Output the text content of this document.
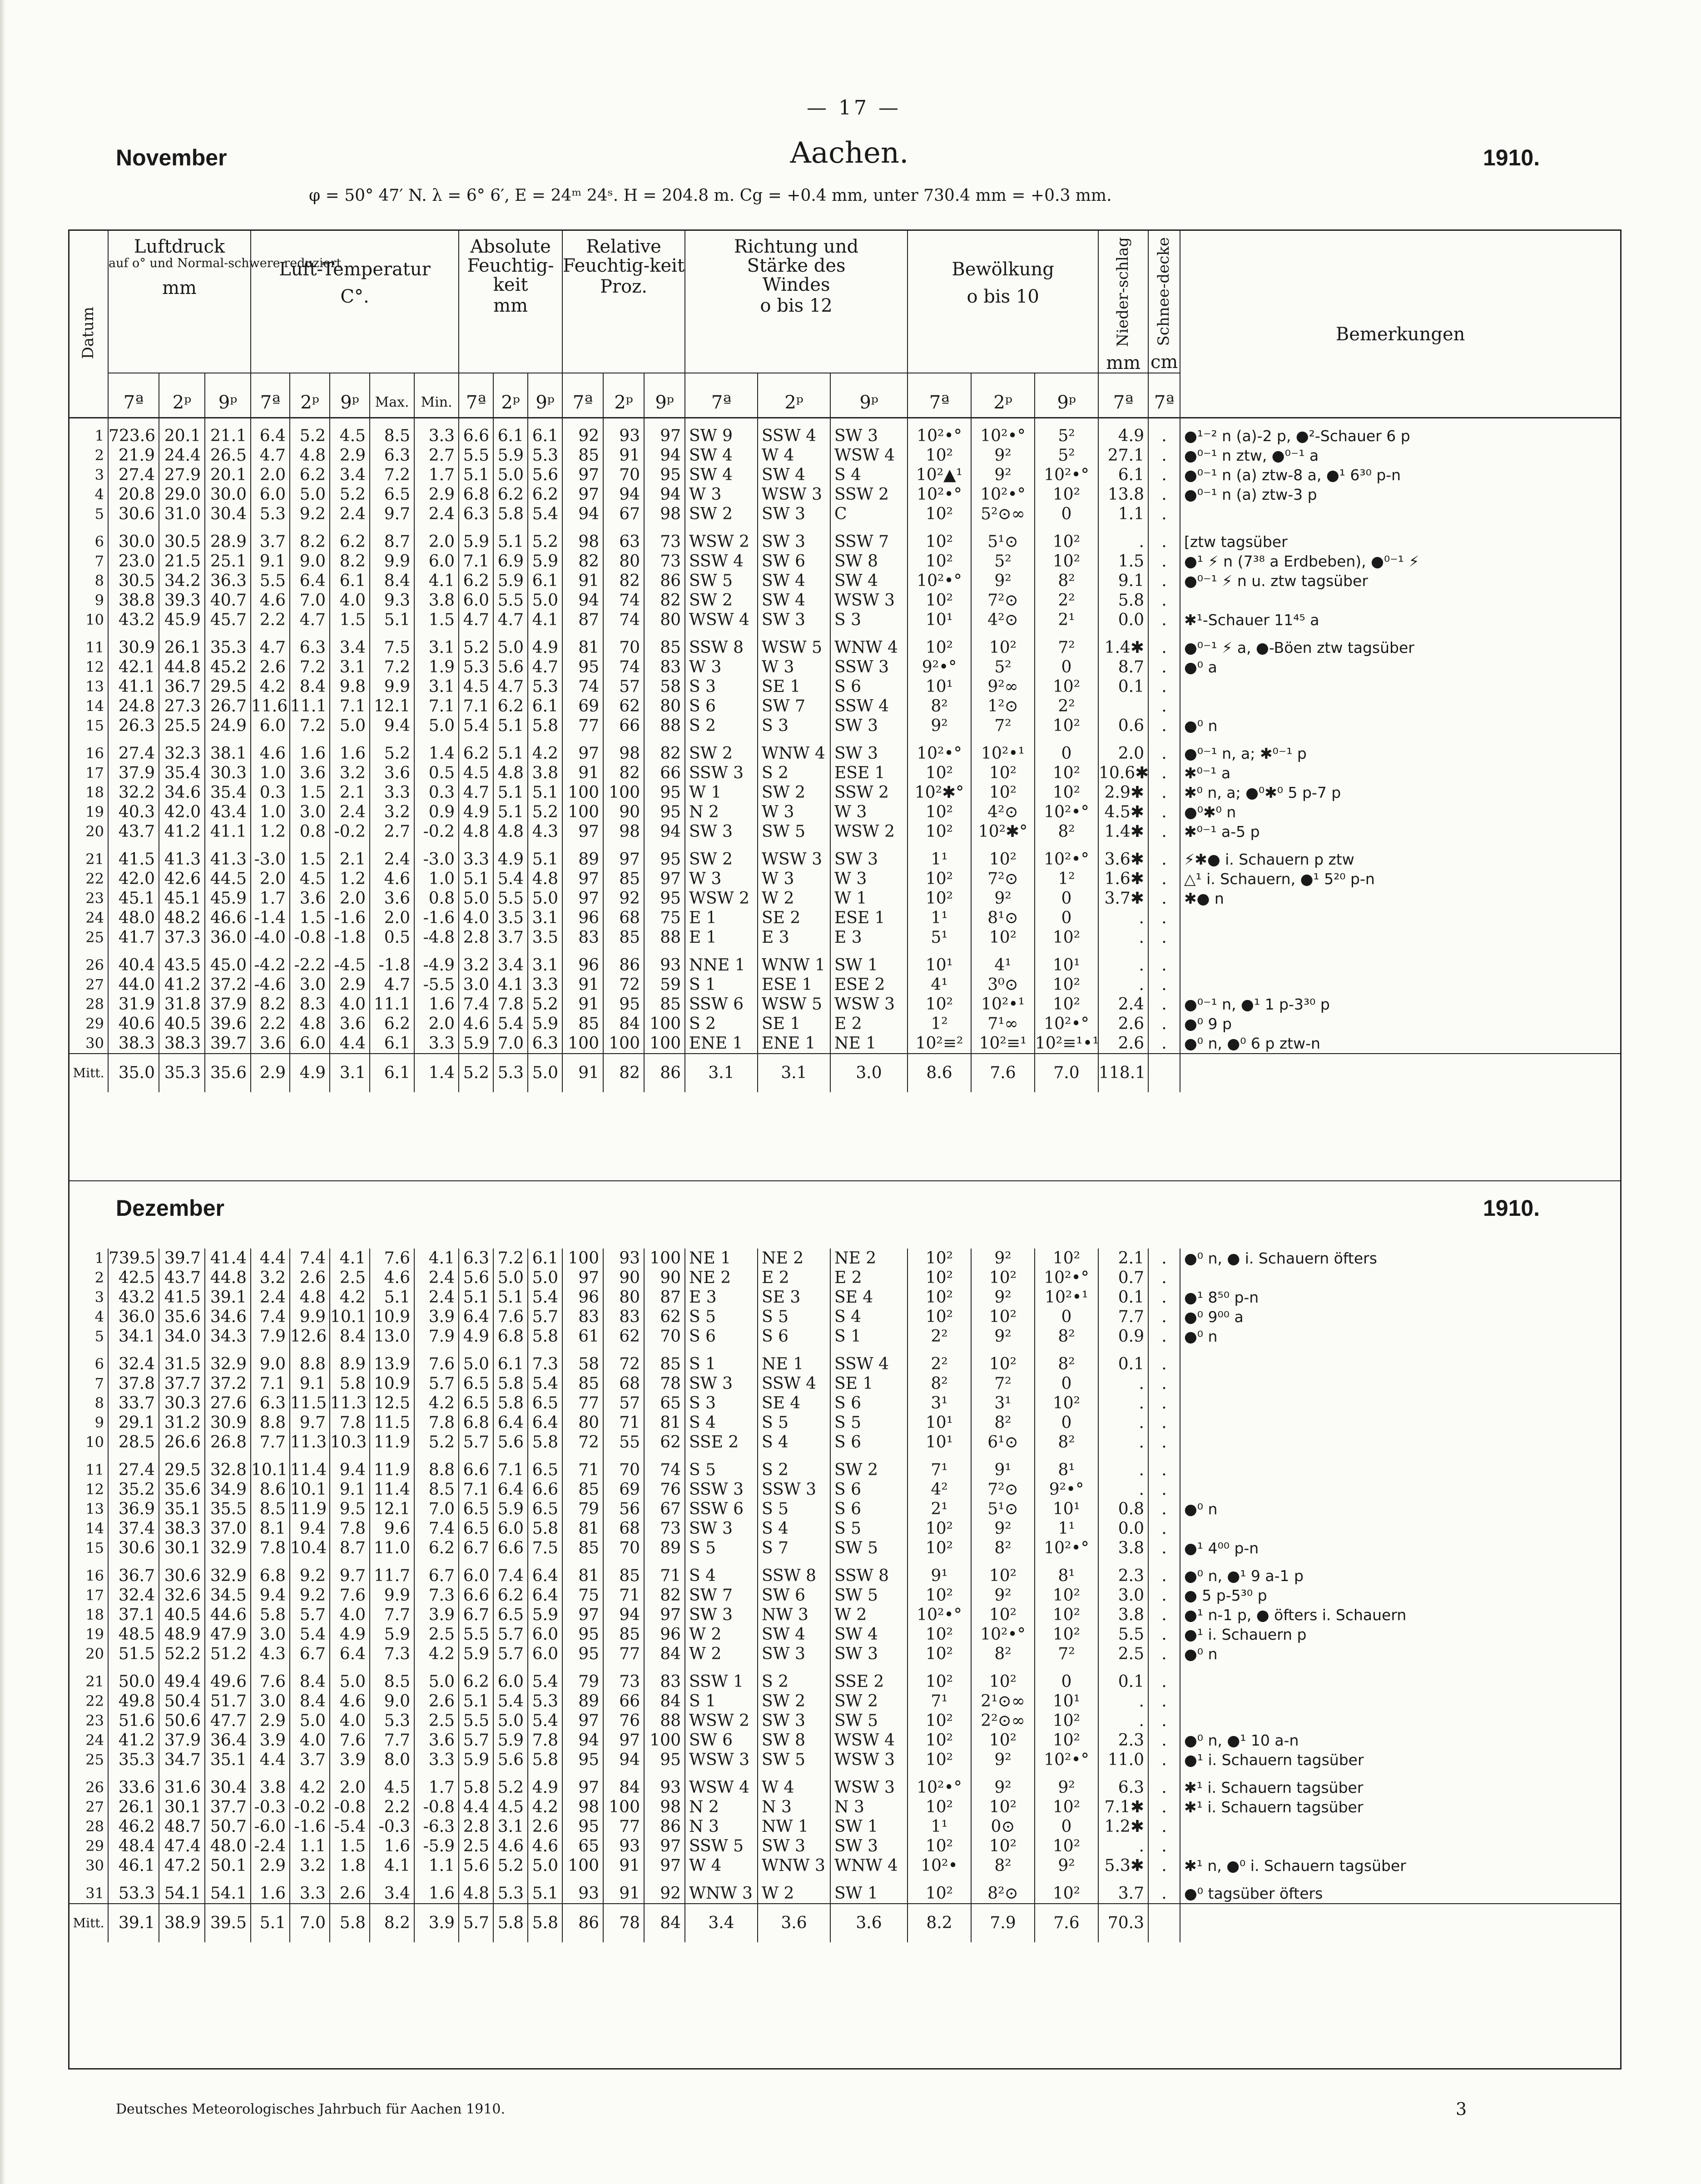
— 17 —
November	Aachen.	1910.
φ = 50° 47′ N. λ = 6° 6′, E = 24ᵐ 24ˢ. H = 204.8 m. Cg = +0.4 mm, unter 730.4 mm = +0.3 mm.
Datum	Luftdruck
auf o° und Normal-schwere reduziert
mm			Luft-Temperatur
C°.					Absolute Feuchtig-keit
mm			Relative Feuchtig-keit
Proz.			Richtung und Stärke des Windes
o bis 12			Bewölkung
o bis 10			Nieder-schlag
mm	Schnee-decke
cm	Bemerkungen
	7ª	2ᵖ	9ᵖ	7ª	2ᵖ	9ᵖ	Max.	Min.	7ª	2ᵖ	9ᵖ	7ª	2ᵖ	9ᵖ	7ª	2ᵖ	9ᵖ	7ª	2ᵖ	9ᵖ	7ª	7ª	
1	723.6	20.1	21.1	6.4	5.2	4.5	8.5	3.3	6.6	6.1	6.1	92	93	97	SW 9	SSW 4	SW 3	10²•°	10²•°	5²	4.9	.	●¹⁻² n (a)-2 p, ●²-Schauer 6 p
2	21.9	24.4	26.5	4.7	4.8	2.9	6.3	2.7	5.5	5.9	5.3	85	91	94	SW 4	W 4	WSW 4	10²	9²	5²	27.1	.	●⁰⁻¹ n ztw, ●⁰⁻¹ a
3	27.4	27.9	20.1	2.0	6.2	3.4	7.2	1.7	5.1	5.0	5.6	97	70	95	SW 4	SW 4	S 4	10²▲¹	9²	10²•°	6.1	.	●⁰⁻¹ n (a) ztw-8 a, ●¹ 6³⁰ p-n
4	20.8	29.0	30.0	6.0	5.0	5.2	6.5	2.9	6.8	6.2	6.2	97	94	94	W 3	WSW 3	SSW 2	10²•°	10²•°	10²	13.8	.	●⁰⁻¹ n (a) ztw-3 p
5	30.6	31.0	30.4	5.3	9.2	2.4	9.7	2.4	6.3	5.8	5.4	94	67	98	SW 2	SW 3	C	10²	5²⊙∞	0	1.1	.	

6	30.0	30.5	28.9	3.7	8.2	6.2	8.7	2.0	5.9	5.1	5.2	98	63	73	WSW 2	SW 3	SSW 7	10²	5¹⊙	10²	.	.	[ztw tagsüber
7	23.0	21.5	25.1	9.1	9.0	8.2	9.9	6.0	7.1	6.9	5.9	82	80	73	SSW 4	SW 6	SW 8	10²	5²	10²	1.5	.	●¹ ⚡ n (7³⁸ a Erdbeben), ●⁰⁻¹ ⚡
8	30.5	34.2	36.3	5.5	6.4	6.1	8.4	4.1	6.2	5.9	6.1	91	82	86	SW 5	SW 4	SW 4	10²•°	9²	8²	9.1	.	●⁰⁻¹ ⚡ n u. ztw tagsüber
9	38.8	39.3	40.7	4.6	7.0	4.0	9.3	3.8	6.0	5.5	5.0	94	74	82	SW 2	SW 4	WSW 3	10²	7²⊙	2²	5.8	.	
10	43.2	45.9	45.7	2.2	4.7	1.5	5.1	1.5	4.7	4.7	4.1	87	74	80	WSW 4	SW 3	S 3	10¹	4²⊙	2¹	0.0	.	✱¹-Schauer 11⁴⁵ a

11	30.9	26.1	35.3	4.7	6.3	3.4	7.5	3.1	5.2	5.0	4.9	81	70	85	SSW 8	WSW 5	WNW 4	10²	10²	7²	1.4✱	.	●⁰⁻¹ ⚡ a, ●-Böen ztw tagsüber
12	42.1	44.8	45.2	2.6	7.2	3.1	7.2	1.9	5.3	5.6	4.7	95	74	83	W 3	W 3	SSW 3	9²•°	5²	0	8.7	.	●⁰ a
13	41.1	36.7	29.5	4.2	8.4	9.8	9.9	3.1	4.5	4.7	5.3	74	57	58	S 3	SE 1	S 6	10¹	9²∞	10²	0.1	.	
14	24.8	27.3	26.7	11.6	11.1	7.1	12.1	7.1	7.1	6.2	6.1	69	62	80	S 6	SW 7	SSW 4	8²	1²⊙	2²		.	
15	26.3	25.5	24.9	6.0	7.2	5.0	9.4	5.0	5.4	5.1	5.8	77	66	88	S 2	S 3	SW 3	9²	7²	10²	0.6	.	●⁰ n

16	27.4	32.3	38.1	4.6	1.6	1.6	5.2	1.4	6.2	5.1	4.2	97	98	82	SW 2	WNW 4	SW 3	10²•°	10²•¹	0	2.0	.	●⁰⁻¹ n, a; ✱⁰⁻¹ p
17	37.9	35.4	30.3	1.0	3.6	3.2	3.6	0.5	4.5	4.8	3.8	91	82	66	SSW 3	S 2	ESE 1	10²	10²	10²	10.6✱	.	✱⁰⁻¹ a
18	32.2	34.6	35.4	0.3	1.5	2.1	3.3	0.3	4.7	5.1	5.1	100	100	95	W 1	SW 2	SSW 2	10²✱°	10²	10²	2.9✱	.	✱⁰ n, a; ●⁰✱⁰ 5 p-7 p
19	40.3	42.0	43.4	1.0	3.0	2.4	3.2	0.9	4.9	5.1	5.2	100	90	95	N 2	W 3	W 3	10²	4²⊙	10²•°	4.5✱	.	●⁰✱⁰ n
20	43.7	41.2	41.1	1.2	0.8	-0.2	2.7	-0.2	4.8	4.8	4.3	97	98	94	SW 3	SW 5	WSW 2	10²	10²✱°	8²	1.4✱	.	✱⁰⁻¹ a-5 p

21	41.5	41.3	41.3	-3.0	1.5	2.1	2.4	-3.0	3.3	4.9	5.1	89	97	95	SW 2	WSW 3	SW 3	1¹	10²	10²•°	3.6✱	.	⚡✱● i. Schauern p ztw
22	42.0	42.6	44.5	2.0	4.5	1.2	4.6	1.0	5.1	5.4	4.8	97	85	97	W 3	W 3	W 3	10²	7²⊙	1²	1.6✱	.	△¹ i. Schauern, ●¹ 5²⁰ p-n
23	45.1	45.1	45.9	1.7	3.6	2.0	3.6	0.8	5.0	5.5	5.0	97	92	95	WSW 2	W 2	W 1	10²	9²	0	3.7✱	.	✱● n
24	48.0	48.2	46.6	-1.4	1.5	-1.6	2.0	-1.6	4.0	3.5	3.1	96	68	75	E 1	SE 2	ESE 1	1¹	8¹⊙	0	.	.	
25	41.7	37.3	36.0	-4.0	-0.8	-1.8	0.5	-4.8	2.8	3.7	3.5	83	85	88	E 1	E 3	E 3	5¹	10²	10²	.	.	

26	40.4	43.5	45.0	-4.2	-2.2	-4.5	-1.8	-4.9	3.2	3.4	3.1	96	86	93	NNE 1	WNW 1	SW 1	10¹	4¹	10¹	.	.	
27	44.0	41.2	37.2	-4.6	3.0	2.9	4.7	-5.5	3.0	4.1	3.3	91	72	59	S 1	ESE 1	ESE 2	4¹	3⁰⊙	10²	.	.	
28	31.9	31.8	37.9	8.2	8.3	4.0	11.1	1.6	7.4	7.8	5.2	91	95	85	SSW 6	WSW 5	WSW 3	10²	10²•¹	10²	2.4	.	●⁰⁻¹ n, ●¹ 1 p-3³⁰ p
29	40.6	40.5	39.6	2.2	4.8	3.6	6.2	2.0	4.6	5.4	5.9	85	84	100	S 2	SE 1	E 2	1²	7¹∞	10²•°	2.6	.	●⁰ 9 p
30	38.3	38.3	39.7	3.6	6.0	4.4	6.1	3.3	5.9	7.0	6.3	100	100	100	ENE 1	ENE 1	NE 1	10²≡²	10²≡¹	10²≡¹•¹	2.6	.	●⁰ n, ●⁰ 6 p ztw-n
Mitt.	35.0	35.3	35.6	2.9	4.9	3.1	6.1	1.4	5.2	5.3	5.0	91	82	86	3.1	3.1	3.0	8.6	7.6	7.0	118.1		
1	739.5	39.7	41.4	4.4	7.4	4.1	7.6	4.1	6.3	7.2	6.1	100	93	100	NE 1	NE 2	NE 2	10²	9²	10²	2.1	.	●⁰ n, ● i. Schauern öfters
2	42.5	43.7	44.8	3.2	2.6	2.5	4.6	2.4	5.6	5.0	5.0	97	90	90	NE 2	E 2	E 2	10²	10²	10²•°	0.7	.	
3	43.2	41.5	39.1	2.4	4.8	4.2	5.1	2.4	5.1	5.1	5.4	96	80	87	E 3	SE 3	SE 4	10²	9²	10²•¹	0.1	.	●¹ 8⁵⁰ p-n
4	36.0	35.6	34.6	7.4	9.9	10.1	10.9	3.9	6.4	7.6	5.7	83	83	62	S 5	S 5	S 4	10²	10²	0	7.7	.	●⁰ 9⁰⁰ a
5	34.1	34.0	34.3	7.9	12.6	8.4	13.0	7.9	4.9	6.8	5.8	61	62	70	S 6	S 6	S 1	2²	9²	8²	0.9	.	●⁰ n

6	32.4	31.5	32.9	9.0	8.8	8.9	13.9	7.6	5.0	6.1	7.3	58	72	85	S 1	NE 1	SSW 4	2²	10²	8²	0.1	.	
7	37.8	37.7	37.2	7.1	9.1	5.8	10.9	5.7	6.5	5.8	5.4	85	68	78	SW 3	SSW 4	SE 1	8²	7²	0	.	.	
8	33.7	30.3	27.6	6.3	11.5	11.3	12.5	4.2	6.5	5.8	6.5	77	57	65	S 3	SE 4	S 6	3¹	3¹	10²	.	.	
9	29.1	31.2	30.9	8.8	9.7	7.8	11.5	7.8	6.8	6.4	6.4	80	71	81	S 4	S 5	S 5	10¹	8²	0	.	.	
10	28.5	26.6	26.8	7.7	11.3	10.3	11.9	5.2	5.7	5.6	5.8	72	55	62	SSE 2	S 4	S 6	10¹	6¹⊙	8²	.	.	

11	27.4	29.5	32.8	10.1	11.4	9.4	11.9	8.8	6.6	7.1	6.5	71	70	74	S 5	S 2	SW 2	7¹	9¹	8¹	.	.	
12	35.2	35.6	34.9	8.6	10.1	9.1	11.4	8.5	7.1	6.4	6.6	85	69	76	SSW 3	SSW 3	S 6	4²	7²⊙	9²•°	.	.	
13	36.9	35.1	35.5	8.5	11.9	9.5	12.1	7.0	6.5	5.9	6.5	79	56	67	SSW 6	S 5	S 6	2¹	5¹⊙	10¹	0.8	.	●⁰ n
14	37.4	38.3	37.0	8.1	9.4	7.8	9.6	7.4	6.5	6.0	5.8	81	68	73	SW 3	S 4	S 5	10²	9²	1¹	0.0	.	
15	30.6	30.1	32.9	7.8	10.4	8.7	11.0	6.2	6.7	6.6	7.5	85	70	89	S 5	S 7	SW 5	10²	8²	10²•°	3.8	.	●¹ 4⁰⁰ p-n

16	36.7	30.6	32.9	6.8	9.2	9.7	11.7	6.7	6.0	7.4	6.4	81	85	71	S 4	SSW 8	SSW 8	9¹	10²	8¹	2.3	.	●⁰ n, ●¹ 9 a-1 p
17	32.4	32.6	34.5	9.4	9.2	7.6	9.9	7.3	6.6	6.2	6.4	75	71	82	SW 7	SW 6	SW 5	10²	9²	10²	3.0	.	● 5 p-5³⁰ p
18	37.1	40.5	44.6	5.8	5.7	4.0	7.7	3.9	6.7	6.5	5.9	97	94	97	SW 3	NW 3	W 2	10²•°	10²	10²	3.8	.	●¹ n-1 p, ● öfters i. Schauern
19	48.5	48.9	47.9	3.0	5.4	4.9	5.9	2.5	5.5	5.7	6.0	95	85	96	W 2	SW 4	SW 4	10²	10²•°	10²	5.5	.	●¹ i. Schauern p
20	51.5	52.2	51.2	4.3	6.7	6.4	7.3	4.2	5.9	5.7	6.0	95	77	84	W 2	SW 3	SW 3	10²	8²	7²	2.5	.	●⁰ n

21	50.0	49.4	49.6	7.6	8.4	5.0	8.5	5.0	6.2	6.0	5.4	79	73	83	SSW 1	S 2	SSE 2	10²	10²	0	0.1	.	
22	49.8	50.4	51.7	3.0	8.4	4.6	9.0	2.6	5.1	5.4	5.3	89	66	84	S 1	SW 2	SW 2	7¹	2¹⊙∞	10¹	.	.	
23	51.6	50.6	47.7	2.9	5.0	4.0	5.3	2.5	5.5	5.0	5.4	97	76	88	WSW 2	SW 3	SW 5	10²	2²⊙∞	10²	.	.	
24	41.2	37.9	36.4	3.9	4.0	7.6	7.7	3.6	5.7	5.9	7.8	94	97	100	SW 6	SW 8	WSW 4	10²	10²	10²	2.3	.	●⁰ n, ●¹ 10 a-n
25	35.3	34.7	35.1	4.4	3.7	3.9	8.0	3.3	5.9	5.6	5.8	95	94	95	WSW 3	SW 5	WSW 3	10²	9²	10²•°	11.0	.	●¹ i. Schauern tagsüber

26	33.6	31.6	30.4	3.8	4.2	2.0	4.5	1.7	5.8	5.2	4.9	97	84	93	WSW 4	W 4	WSW 3	10²•°	9²	9²	6.3	.	✱¹ i. Schauern tagsüber
27	26.1	30.1	37.7	-0.3	-0.2	-0.8	2.2	-0.8	4.4	4.5	4.2	98	100	98	N 2	N 3	N 3	10²	10²	10²	7.1✱	.	✱¹ i. Schauern tagsüber
28	46.2	48.7	50.7	-6.0	-1.6	-5.4	-0.3	-6.3	2.8	3.1	2.6	95	77	86	N 3	NW 1	SW 1	1¹	0⊙	0	1.2✱	.	
29	48.4	47.4	48.0	-2.4	1.1	1.5	1.6	-5.9	2.5	4.6	4.6	65	93	97	SSW 5	SW 3	SW 3	10²	10²	10²	.	.	
30	46.1	47.2	50.1	2.9	3.2	1.8	4.1	1.1	5.6	5.2	5.0	100	91	97	W 4	WNW 3	WNW 4	10²•	8²	9²	5.3✱	.	✱¹ n, ●⁰ i. Schauern tagsüber

31	53.3	54.1	54.1	1.6	3.3	2.6	3.4	1.6	4.8	5.3	5.1	93	91	92	WNW 3	W 2	SW 1	10²	8²⊙	10²	3.7	.	●⁰ tagsüber öfters
Mitt.	39.1	38.9	39.5	5.1	7.0	5.8	8.2	3.9	5.7	5.8	5.8	86	78	84	3.4	3.6	3.6	8.2	7.9	7.6	70.3		
Dezember	1910.
Deutsches Meteorologisches Jahrbuch für Aachen 1910.	3
